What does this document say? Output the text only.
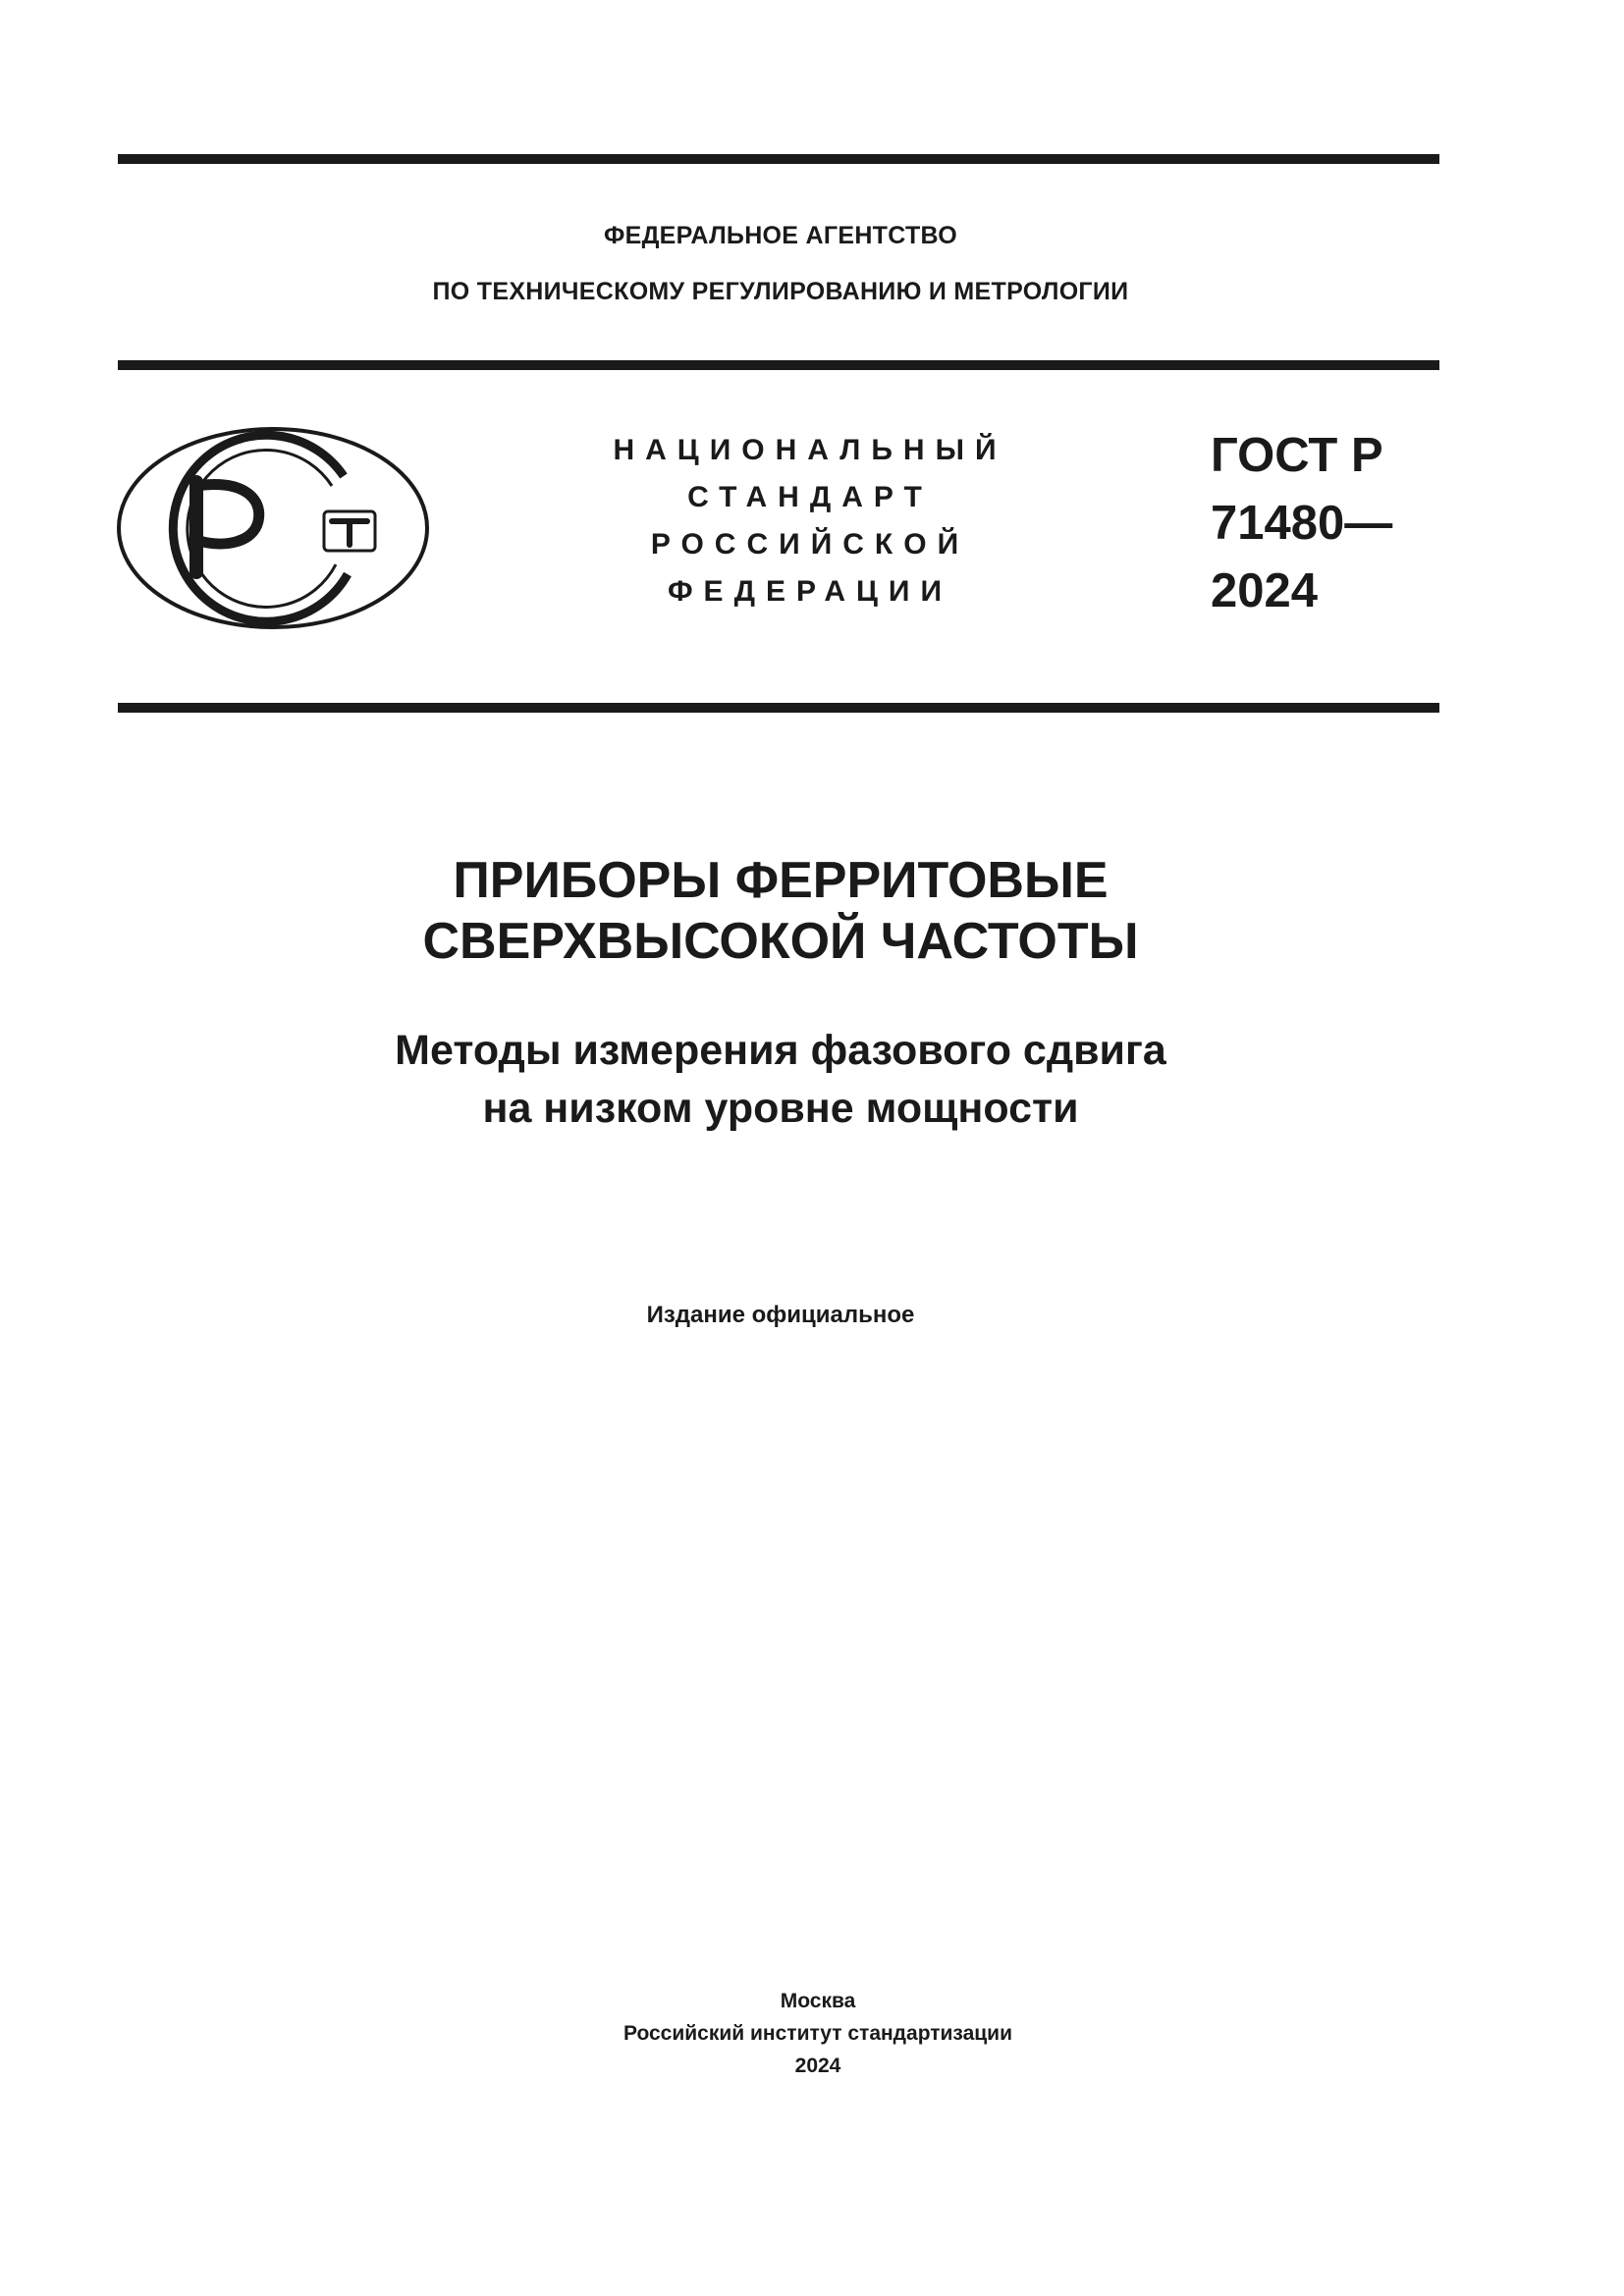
ФЕДЕРАЛЬНОЕ АГЕНТСТВО
ПО ТЕХНИЧЕСКОМУ РЕГУЛИРОВАНИЮ И МЕТРОЛОГИИ
НАЦИОНАЛЬНЫЙ
СТАНДАРТ
РОССИЙСКОЙ
ФЕДЕРАЦИИ
ГОСТ Р
71480—
2024
ПРИБОРЫ ФЕРРИТОВЫЕ
СВЕРХВЫСОКОЙ ЧАСТОТЫ
Методы измерения фазового сдвига
на низком уровне мощности
Издание официальное
Москва
Российский институт стандартизации
2024
